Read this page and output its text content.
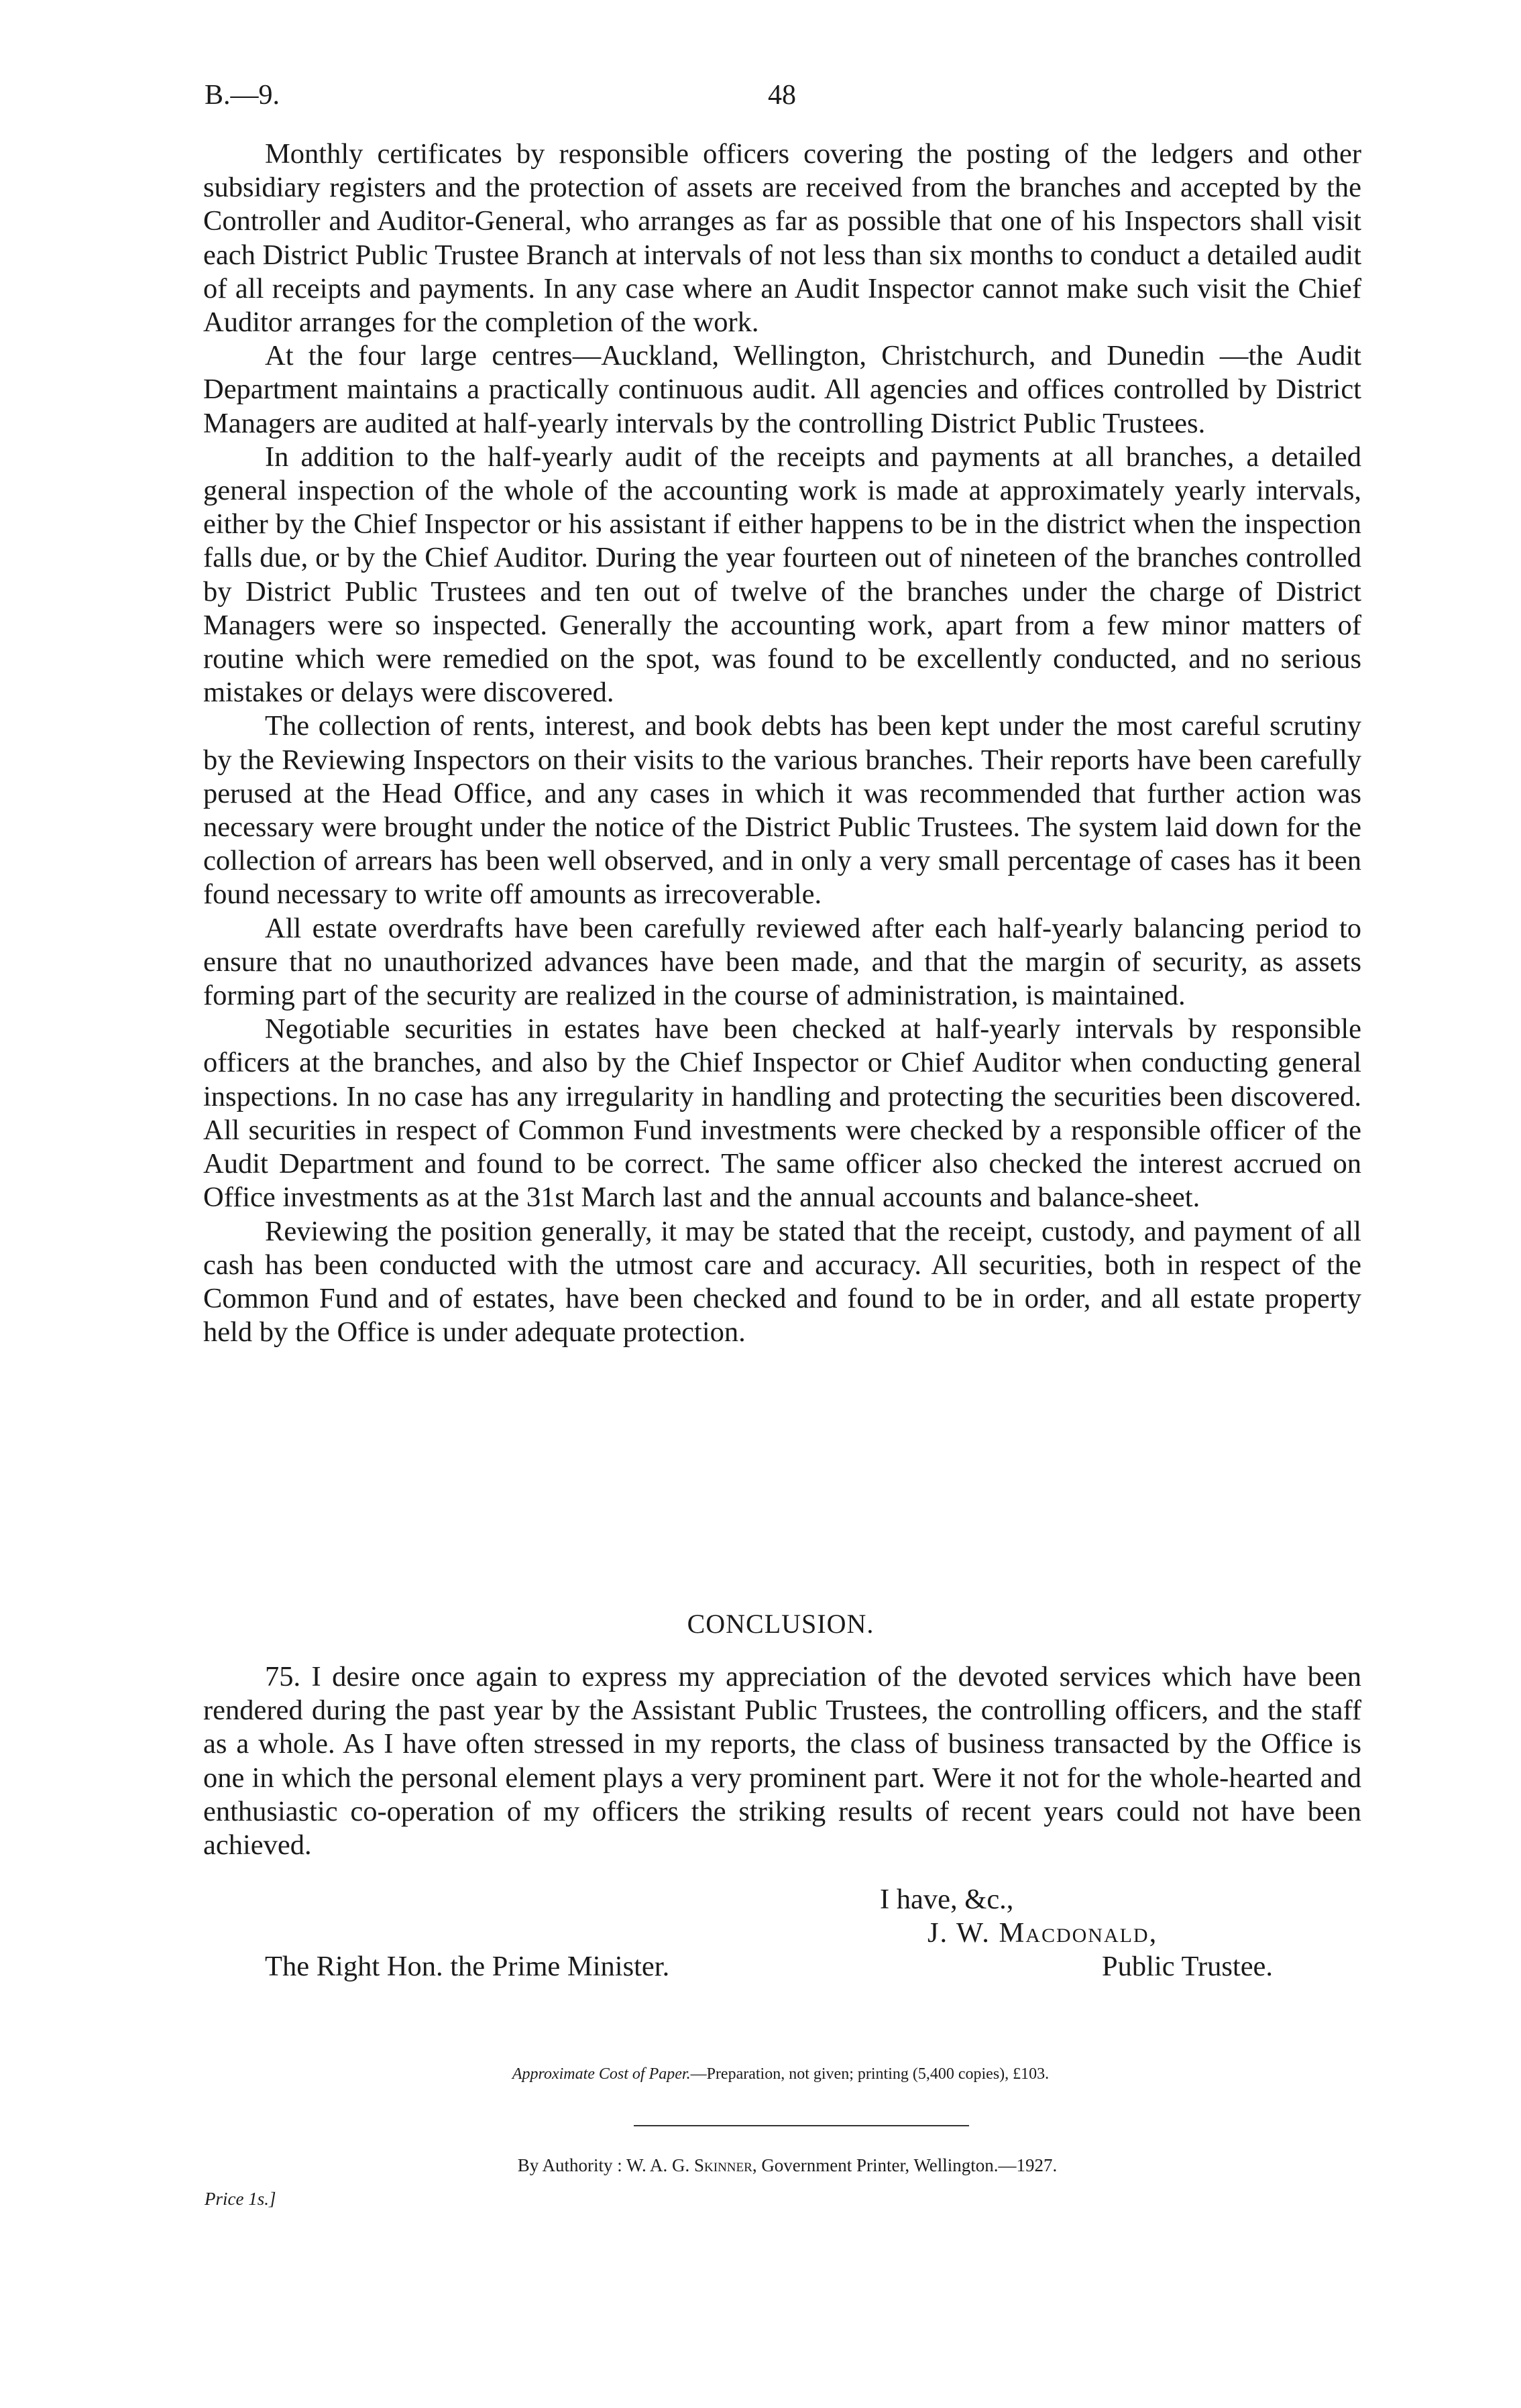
B.—9.	48

Monthly certificates by responsible officers covering the posting of the ledgers and other subsidiary registers and the protection of assets are received from the branches and accepted by the Controller and Auditor-General, who arranges as far as possible that one of his Inspectors shall visit each District Public Trustee Branch at intervals of not less than six months to conduct a detailed audit of all receipts and payments. In any case where an Audit Inspector cannot make such visit the Chief Auditor arranges for the completion of the work.

At the four large centres—Auckland, Wellington, Christchurch, and Dunedin —the Audit Department maintains a practically continuous audit. All agencies and offices controlled by District Managers are audited at half-yearly intervals by the controlling District Public Trustees.

In addition to the half-yearly audit of the receipts and payments at all branches, a detailed general inspection of the whole of the accounting work is made at approximately yearly intervals, either by the Chief Inspector or his assistant if either happens to be in the district when the inspection falls due, or by the Chief Auditor. During the year fourteen out of nineteen of the branches controlled by District Public Trustees and ten out of twelve of the branches under the charge of District Managers were so inspected. Generally the accounting work, apart from a few minor matters of routine which were remedied on the spot, was found to be excellently conducted, and no serious mistakes or delays were discovered.

The collection of rents, interest, and book debts has been kept under the most careful scrutiny by the Reviewing Inspectors on their visits to the various branches. Their reports have been carefully perused at the Head Office, and any cases in which it was recommended that further action was necessary were brought under the notice of the District Public Trustees. The system laid down for the collection of arrears has been well observed, and in only a very small percentage of cases has it been found necessary to write off amounts as irrecoverable.

All estate overdrafts have been carefully reviewed after each half-yearly balancing period to ensure that no unauthorized advances have been made, and that the margin of security, as assets forming part of the security are realized in the course of administration, is maintained.

Negotiable securities in estates have been checked at half-yearly intervals by responsible officers at the branches, and also by the Chief Inspector or Chief Auditor when conducting general inspections. In no case has any irregularity in handling and protecting the securities been discovered. All securities in respect of Common Fund investments were checked by a responsible officer of the Audit Department and found to be correct. The same officer also checked the interest accrued on Office investments as at the 31st March last and the annual accounts and balance-sheet.

Reviewing the position generally, it may be stated that the receipt, custody, and payment of all cash has been conducted with the utmost care and accuracy. All securities, both in respect of the Common Fund and of estates, have been checked and found to be in order, and all estate property held by the Office is under adequate protection.

CONCLUSION.

75. I desire once again to express my appreciation of the devoted services which have been rendered during the past year by the Assistant Public Trustees, the controlling officers, and the staff as a whole. As I have often stressed in my reports, the class of business transacted by the Office is one in which the personal element plays a very prominent part. Were it not for the whole-hearted and enthusiastic co-operation of my officers the striking results of recent years could not have been achieved.

I have, &c.,
J. W. Macdonald,
The Right Hon. the Prime Minister.	Public Trustee.
Approximate Cost of Paper.—Preparation, not given; printing (5,400 copies), £103.
By Authority : W. A. G. Skinner, Government Printer, Wellington.—1927.
Price 1s.]
